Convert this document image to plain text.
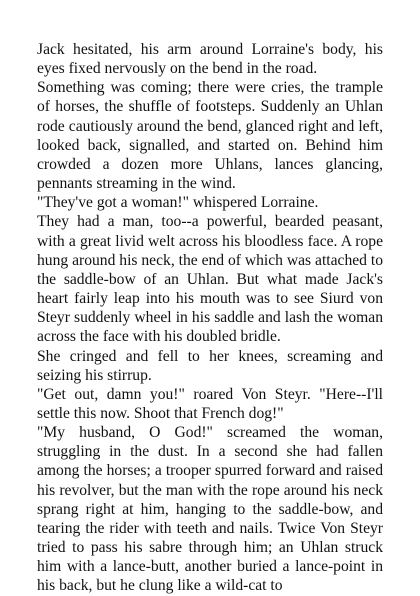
Jack hesitated, his arm around Lorraine's body, his eyes fixed nervously on the bend in the road.

Something was coming; there were cries, the trample of horses, the shuffle of footsteps. Suddenly an Uhlan rode cautiously around the bend, glanced right and left, looked back, signalled, and started on. Behind him crowded a dozen more Uhlans, lances glancing, pennants streaming in the wind.

"They've got a woman!" whispered Lorraine.

They had a man, too--a powerful, bearded peasant, with a great livid welt across his bloodless face. A rope hung around his neck, the end of which was attached to the saddle-bow of an Uhlan. But what made Jack's heart fairly leap into his mouth was to see Siurd von Steyr suddenly wheel in his saddle and lash the woman across the face with his doubled bridle.

She cringed and fell to her knees, screaming and seizing his stirrup.

"Get out, damn you!" roared Von Steyr. "Here--I'll settle this now. Shoot that French dog!"

"My husband, O God!" screamed the woman, struggling in the dust. In a second she had fallen among the horses; a trooper spurred forward and raised his revolver, but the man with the rope around his neck sprang right at him, hanging to the saddle-bow, and tearing the rider with teeth and nails. Twice Von Steyr tried to pass his sabre through him; an Uhlan struck him with a lance-butt, another buried a lance-point in his back, but he clung like a wild-cat to
